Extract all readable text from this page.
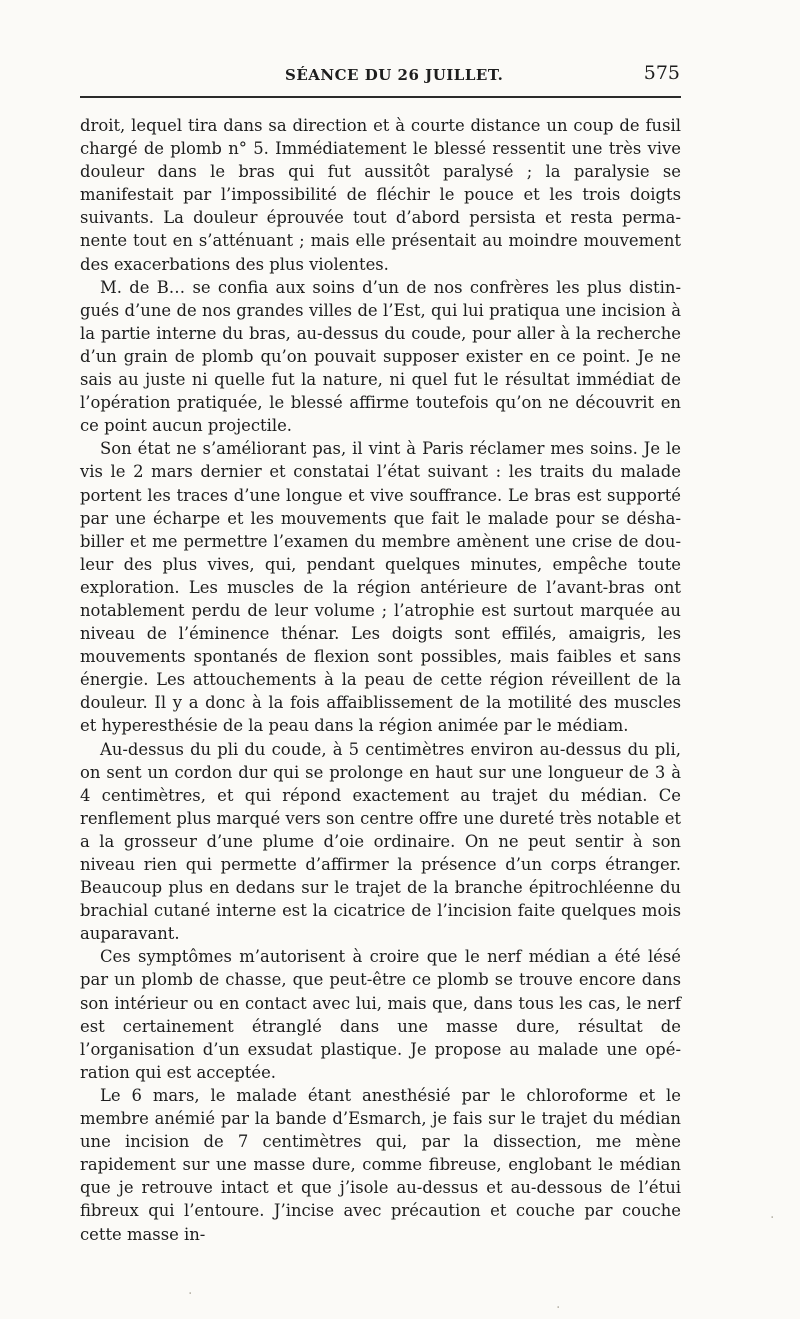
SÉANCE DU 26 JUILLET.	575

droit, lequel tira dans sa direction et à courte distance un coup de fusil chargé de plomb n° 5. Immédiatement le blessé ressentit une très vive douleur dans le bras qui fut aussitôt paralysé ; la paralysie se manifestait par l’impossibilité de fléchir le pouce et les trois doigts suivants. La douleur éprouvée tout d’abord persista et resta permanente tout en s’atténuant ; mais elle présentait au moindre mouvement des exacerbations des plus violentes.

M. de B… se confia aux soins d’un de nos confrères les plus distingués d’une de nos grandes villes de l’Est, qui lui pratiqua une incision à la partie interne du bras, au-dessus du coude, pour aller à la recherche d’un grain de plomb qu’on pouvait supposer exister en ce point. Je ne sais au juste ni quelle fut la nature, ni quel fut le résultat immédiat de l’opération pratiquée, le blessé affirme toutefois qu’on ne découvrit en ce point aucun projectile.

Son état ne s’améliorant pas, il vint à Paris réclamer mes soins. Je le vis le 2 mars dernier et constatai l’état suivant : les traits du malade portent les traces d’une longue et vive souffrance. Le bras est supporté par une écharpe et les mouvements que fait le malade pour se déshabiller et me permettre l’examen du membre amènent une crise de douleur des plus vives, qui, pendant quelques minutes, empêche toute exploration. Les muscles de la région antérieure de l’avant-bras ont notablement perdu de leur volume ; l’atrophie est surtout marquée au niveau de l’éminence thénar. Les doigts sont effilés, amaigris, les mouvements spontanés de flexion sont possibles, mais faibles et sans énergie. Les attouchements à la peau de cette région réveillent de la douleur. Il y a donc à la fois affaiblissement de la motilité des muscles et hyperesthésie de la peau dans la région animée par le médiam.

Au-dessus du pli du coude, à 5 centimètres environ au-dessus du pli, on sent un cordon dur qui se prolonge en haut sur une longueur de 3 à 4 centimètres, et qui répond exactement au trajet du médian. Ce renflement plus marqué vers son centre offre une dureté très notable et a la grosseur d’une plume d’oie ordinaire. On ne peut sentir à son niveau rien qui permette d’affirmer la présence d’un corps étranger. Beaucoup plus en dedans sur le trajet de la branche épitrochléenne du brachial cutané interne est la cicatrice de l’incision faite quelques mois auparavant.

Ces symptômes m’autorisent à croire que le nerf médian a été lésé par un plomb de chasse, que peut-être ce plomb se trouve encore dans son intérieur ou en contact avec lui, mais que, dans tous les cas, le nerf est certainement étranglé dans une masse dure, résultat de l’organisation d’un exsudat plastique. Je propose au malade une opération qui est acceptée.

Le 6 mars, le malade étant anesthésié par le chloroforme et le membre anémié par la bande d’Esmarch, je fais sur le trajet du médian une incision de 7 centimètres qui, par la dissection, me mène rapidement sur une masse dure, comme fibreuse, englobant le médian que je retrouve intact et que j’isole au-dessus et au-dessous de l’étui fibreux qui l’entoure. J’incise avec précaution et couche par couche cette masse in-

·
·
·
